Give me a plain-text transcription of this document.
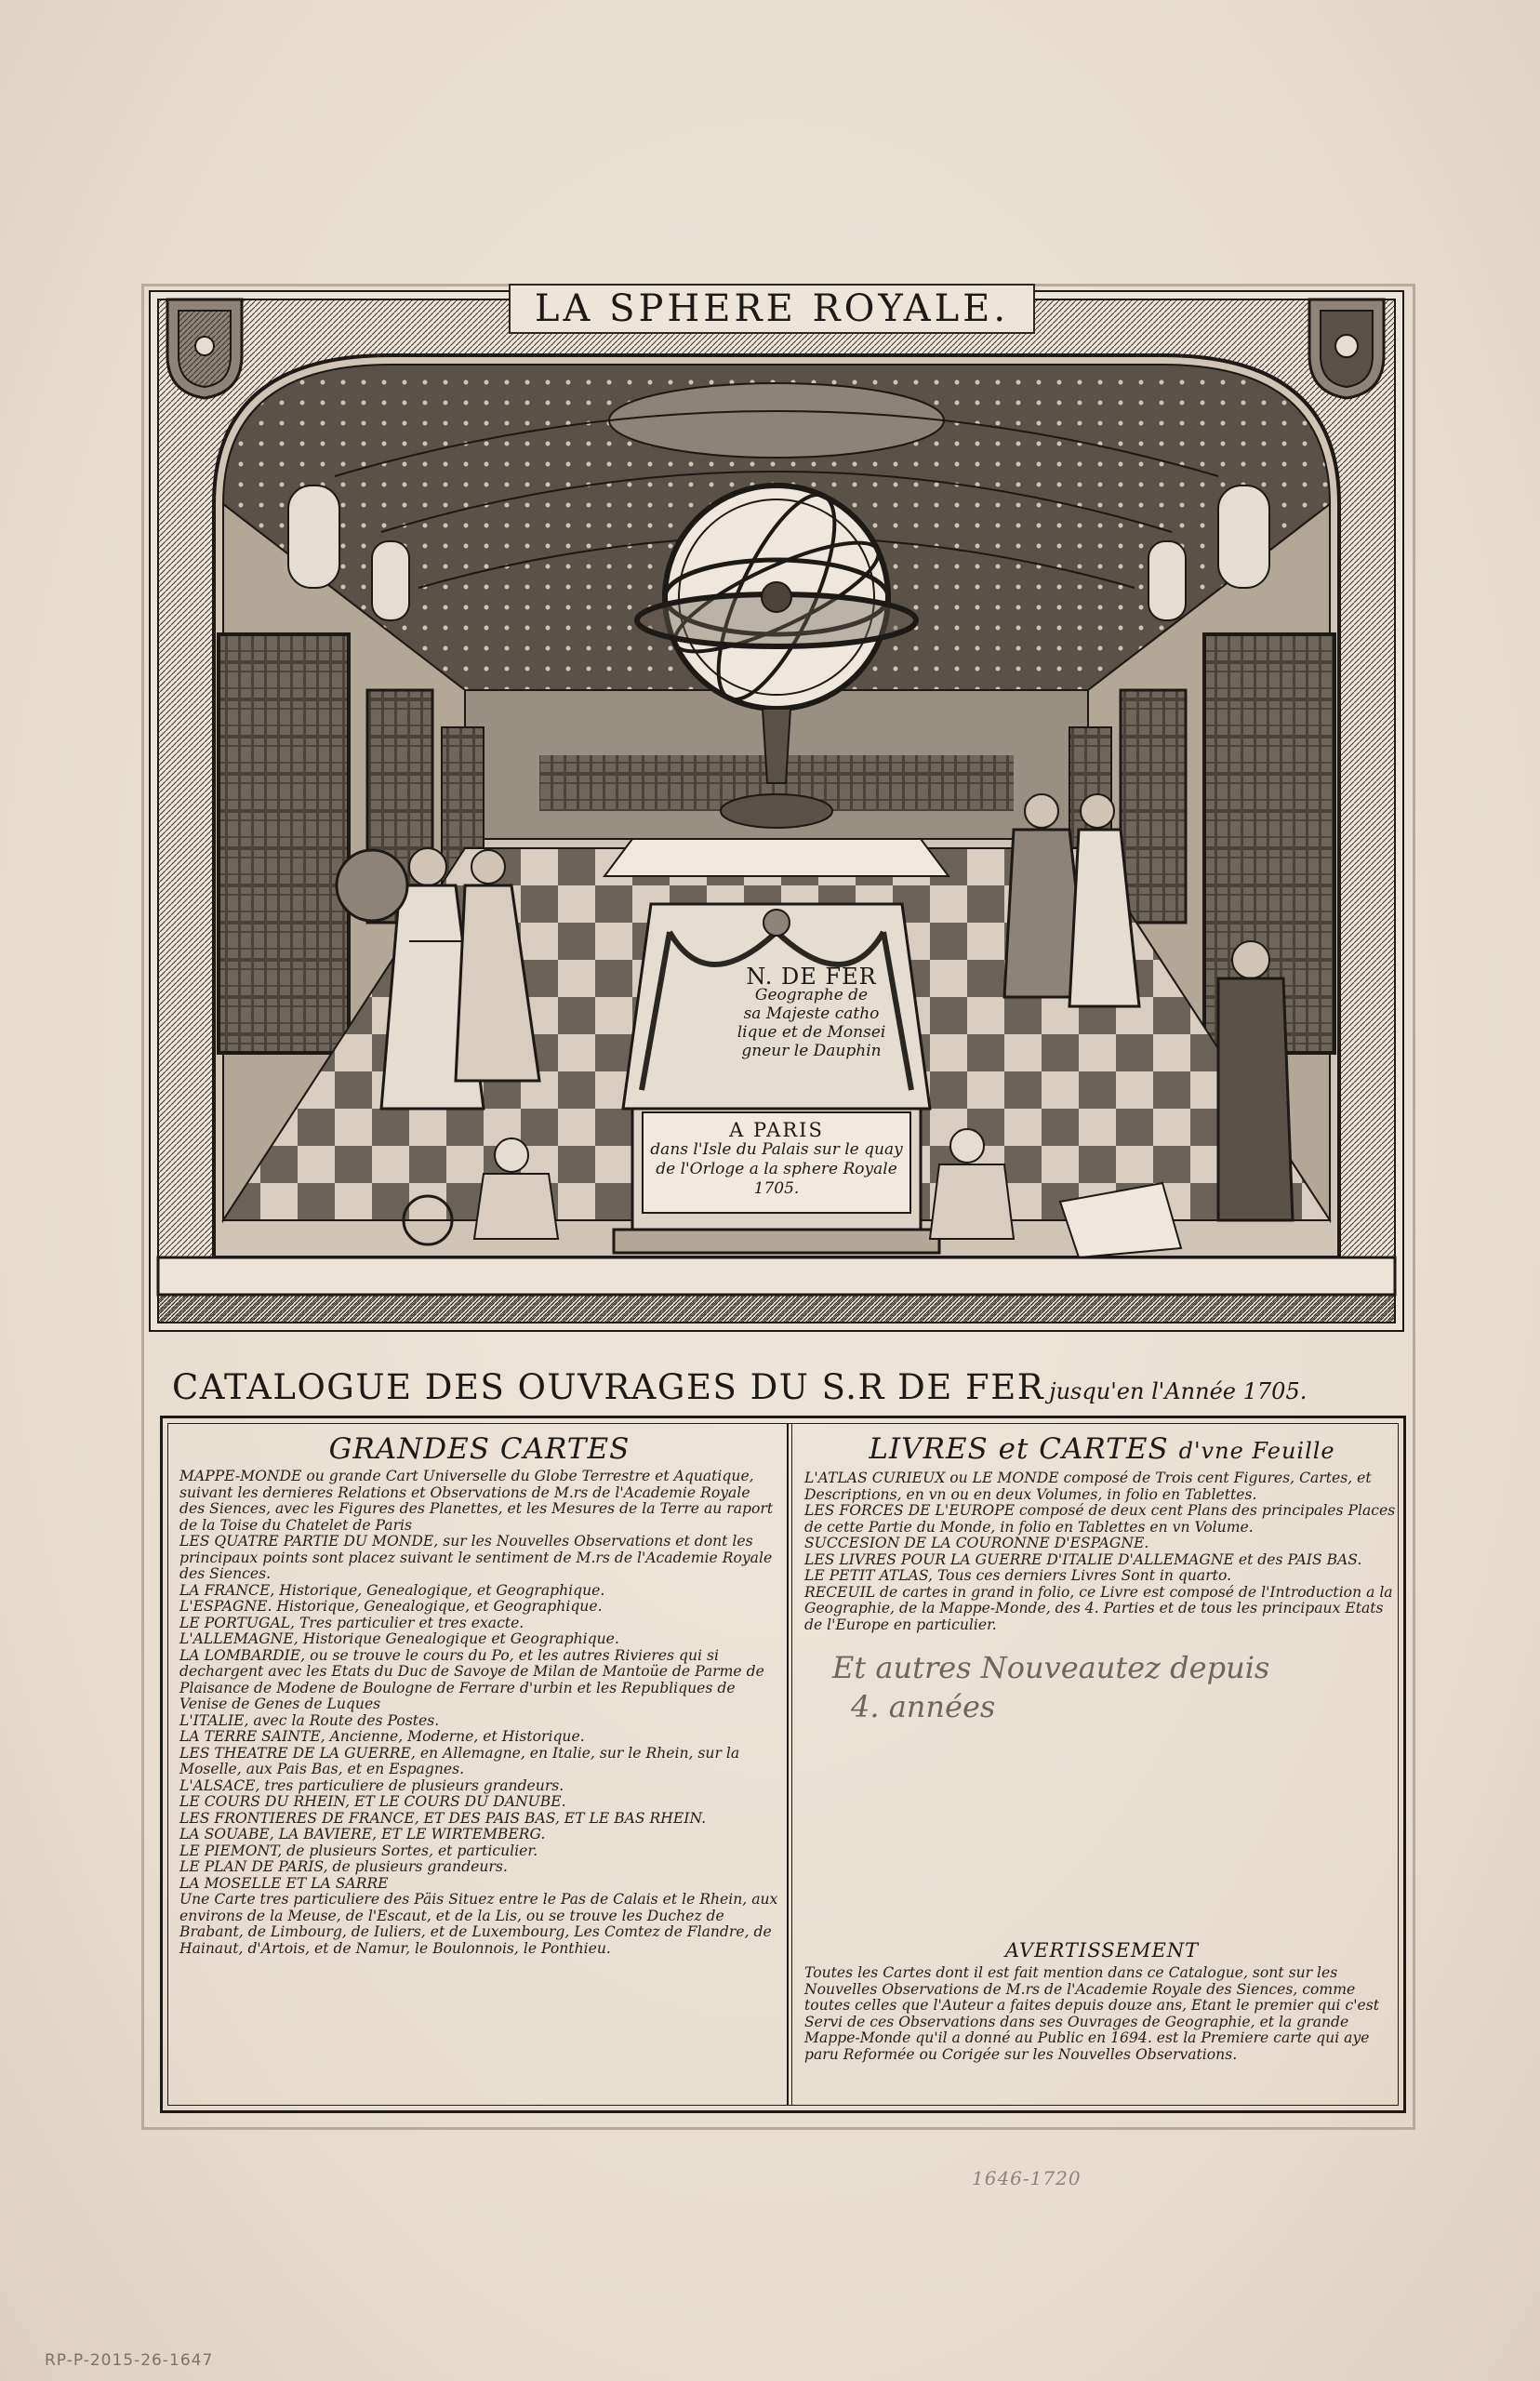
LA SPHERE ROYALE.
N. DE FER
Geographe de
sa Majeste catho
lique et de Monsei
gneur le Dauphin
A PARIS
dans l'Isle du Palais sur le quay
de l'Orloge a la sphere Royale
1705.
CATALOGUE DES OUVRAGES DU S.R DE FER jusqu'en l'Année 1705.
GRANDES CARTES

MAPPE-MONDE ou grande Cart Universelle du Globe Terrestre et Aquatique, suivant les dernieres Relations et Observations de M.rs de l'Academie Royale des Siences, avec les Figures des Planettes, et les Mesures de la Terre au raport de la Toise du Chatelet de Paris

LES QUATRE PARTIE DU MONDE, sur les Nouvelles Observations et dont les principaux points sont placez suivant le sentiment de M.rs de l'Academie Royale des Siences.

LA FRANCE, Historique, Genealogique, et Geographique.

L'ESPAGNE. Historique, Genealogique, et Geographique.

LE PORTUGAL, Tres particulier et tres exacte.

L'ALLEMAGNE, Historique Genealogique et Geographique.

LA LOMBARDIE, ou se trouve le cours du Po, et les autres Rivieres qui si dechargent avec les Etats du Duc de Savoye de Milan de Mantoüe de Parme de Plaisance de Modene de Boulogne de Ferrare d'urbin et les Republiques de Venise de Genes de Luques

L'ITALIE, avec la Route des Postes.

LA TERRE SAINTE, Ancienne, Moderne, et Historique.

LES THEATRE DE LA GUERRE, en Allemagne, en Italie, sur le Rhein, sur la Moselle, aux Pais Bas, et en Espagnes.

L'ALSACE, tres particuliere de plusieurs grandeurs.

LE COURS DU RHEIN, ET LE COURS DU DANUBE.

LES FRONTIERES DE FRANCE, ET DES PAIS BAS, ET LE BAS RHEIN.

LA SOUABE, LA BAVIERE, ET LE WIRTEMBERG.

LE PIEMONT, de plusieurs Sortes, et particulier.

LE PLAN DE PARIS, de plusieurs grandeurs.

LA MOSELLE ET LA SARRE

Une Carte tres particuliere des Päis Situez entre le Pas de Calais et le Rhein, aux environs de la Meuse, de l'Escaut, et de la Lis, ou se trouve les Duchez de Brabant, de Limbourg, de Iuliers, et de Luxembourg, Les Comtez de Flandre, de Hainaut, d'Artois, et de Namur, le Boulonnois, le Ponthieu.

LIVRES et CARTES d'vne Feuille

L'ATLAS CURIEUX ou LE MONDE composé de Trois cent Figures, Cartes, et Descriptions, en vn ou en deux Volumes, in folio en Tablettes.

LES FORCES DE L'EUROPE composé de deux cent Plans des principales Places de cette Partie du Monde, in folio en Tablettes en vn Volume.

SUCCESION DE LA COURONNE D'ESPAGNE.

LES LIVRES POUR LA GUERRE D'ITALIE D'ALLEMAGNE et des PAIS BAS.

LE PETIT ATLAS, Tous ces derniers Livres Sont in quarto.

RECEUIL de cartes in grand in folio, ce Livre est composé de l'Introduction a la Geographie, de la Mappe-Monde, des 4. Parties et de tous les principaux Etats de l'Europe en particulier.

Et autres Nouveautez depuis
4. années
AVERTISSEMENT
Toutes les Cartes dont il est fait mention dans ce Catalogue, sont sur les Nouvelles Observations de M.rs de l'Academie Royale des Siences, comme toutes celles que l'Auteur a faites depuis douze ans, Etant le premier qui c'est Servi de ces Observations dans ses Ouvrages de Geographie, et la grande Mappe-Monde qu'il a donné au Public en 1694. est la Premiere carte qui aye paru Reformée ou Corigée sur les Nouvelles Observations.
1646-1720
RP-P-2015-26-1647
